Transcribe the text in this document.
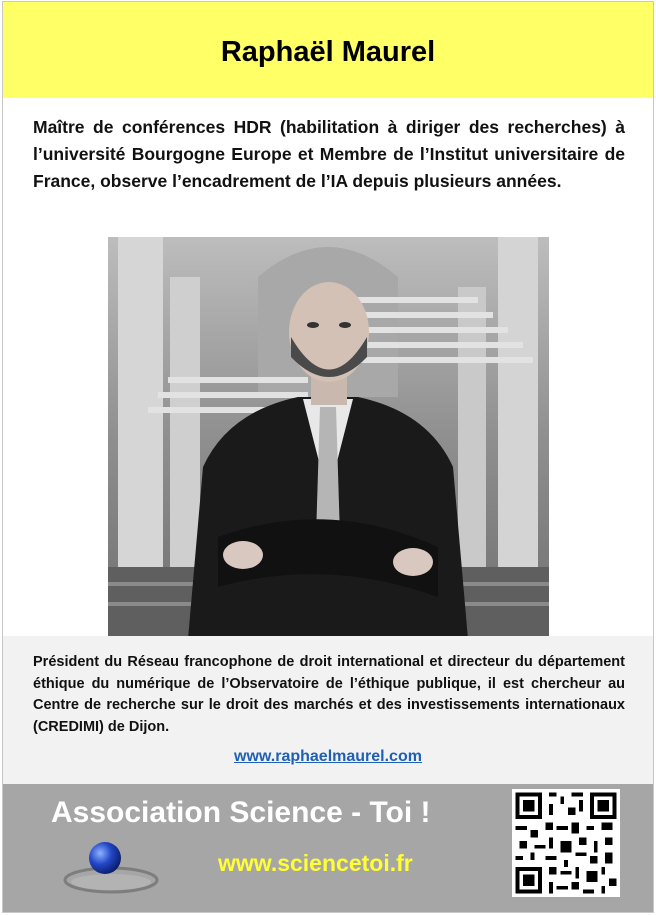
Raphaël Maurel

Maître de conférences HDR (habilitation à diriger des recherches) à l’université Bourgogne Europe et Membre de l’Institut universitaire de France, observe l’encadrement de l’IA depuis plusieurs années.

Président du Réseau francophone de droit international et directeur du département éthique du numérique de l’Observatoire de l’éthique publique, il est chercheur au Centre de recherche sur le droit des marchés et des investissements internationaux (CREDIMI) de Dijon.

www.raphaelmaurel.com

Association Science - Toi !

www.sciencetoi.fr
